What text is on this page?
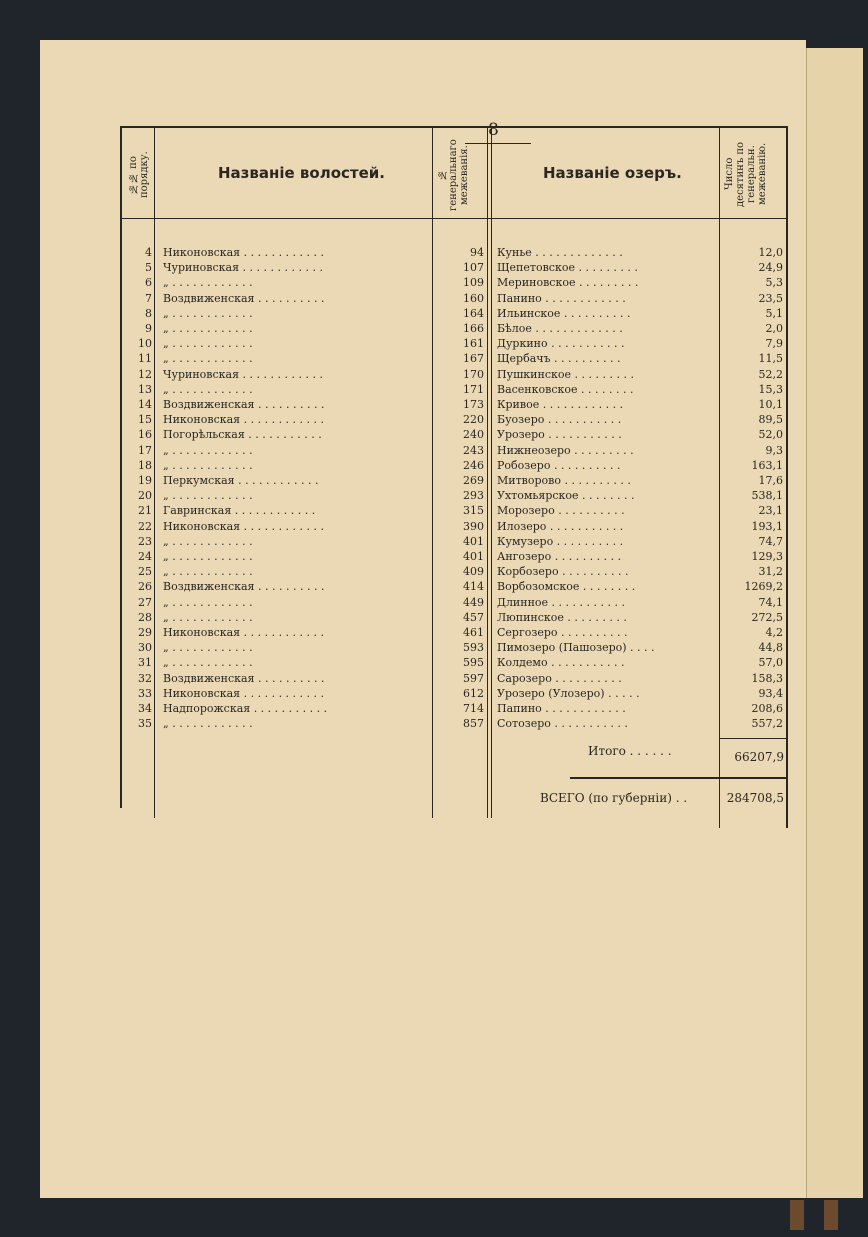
8
№№ по порядку.	Названіе волостей.	№ генеральнаго межеванія.	Названіе озеръ.	Число десятинъ по генеральн. межеванію.
4 Никоновская . . . . . . . . . . . .	94 Кунье . . . . . . . . . . . . .	12,0
5 Чуриновская . . . . . . . . . . . .	107 Щепетовское . . . . . . . . .	24,9
6 „ . . . . . . . . . . . .	109 Мериновское . . . . . . . . .	5,3
7 Воздвиженская . . . . . . . . . .	160 Панино . . . . . . . . . . . .	23,5
8 „ . . . . . . . . . . . .	164 Ильинское . . . . . . . . . .	5,1
9 „ . . . . . . . . . . . .	166 Бѣлое . . . . . . . . . . . . .	2,0
10 „ . . . . . . . . . . . .	161 Дуркино . . . . . . . . . . .	7,9
11 „ . . . . . . . . . . . .	167 Щербачъ . . . . . . . . . .	11,5
12 Чуриновская . . . . . . . . . . . .	170 Пушкинское . . . . . . . . .	52,2
13 „ . . . . . . . . . . . .	171 Васенковское . . . . . . . .	15,3
14 Воздвиженская . . . . . . . . . .	173 Кривое . . . . . . . . . . . .	10,1
15 Никоновская . . . . . . . . . . . .	220 Буозеро . . . . . . . . . . .	89,5
16 Погорѣльская . . . . . . . . . . .	240 Урозеро . . . . . . . . . . .	52,0
17 „ . . . . . . . . . . . .	243 Нижнеозеро . . . . . . . . .	9,3
18 „ . . . . . . . . . . . .	246 Робозеро . . . . . . . . . .	163,1
19 Перкумская . . . . . . . . . . . .	269 Митворово . . . . . . . . . .	17,6
20 „ . . . . . . . . . . . .	293 Ухтомьярское . . . . . . . .	538,1
21 Гавринская . . . . . . . . . . . .	315 Морозеро . . . . . . . . . .	23,1
22 Никоновская . . . . . . . . . . . .	390 Илозеро . . . . . . . . . . .	193,1
23 „ . . . . . . . . . . . .	401 Кумузеро . . . . . . . . . .	74,7
24 „ . . . . . . . . . . . .	401 Ангозеро . . . . . . . . . .	129,3
25 „ . . . . . . . . . . . .	409 Корбозеро . . . . . . . . . .	31,2
26 Воздвиженская . . . . . . . . . .	414 Ворбозомское . . . . . . . .	1269,2
27 „ . . . . . . . . . . . .	449 Длинное . . . . . . . . . . .	74,1
28 „ . . . . . . . . . . . .	457 Люпинское . . . . . . . . .	272,5
29 Никоновская . . . . . . . . . . . .	461 Сергозеро . . . . . . . . . .	4,2
30 „ . . . . . . . . . . . .	593 Пимозеро (Пашозеро) . . . .	44,8
31 „ . . . . . . . . . . . .	595 Колдемо . . . . . . . . . . .	57,0
32 Воздвиженская . . . . . . . . . .	597 Сарозеро . . . . . . . . . .	158,3
33 Никоновская . . . . . . . . . . . .	612 Урозеро (Улозеро) . . . . .	93,4
34 Надпорожская . . . . . . . . . . .	714 Папино . . . . . . . . . . . .	208,6
35 „ . . . . . . . . . . . .	857 Сотозеро . . . . . . . . . . .	557,2
Итого . . . . . .	66207,9
ВСЕГО (по губерніи) . .	284708,5
